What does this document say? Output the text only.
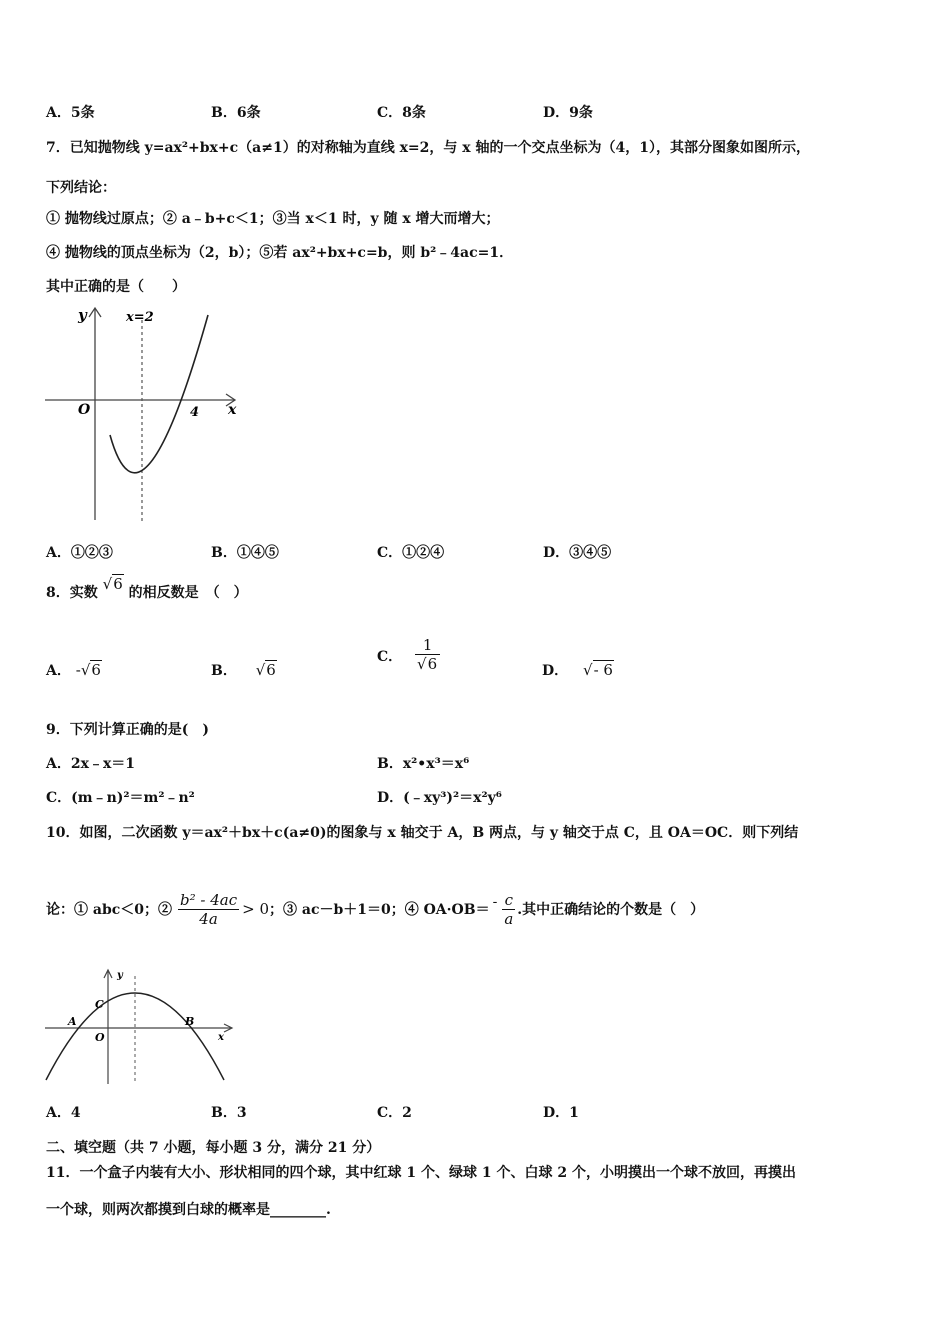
A．5条	B．6条	C．8条	D．9条
7．已知抛物线 y=ax²+bx+c（a≠1）的对称轴为直线 x=2，与 x 轴的一个交点坐标为（4，1），其部分图象如图所示，
下列结论：
① 抛物线过原点；② a﹣b+c＜1；③当 x＜1 时，y 随 x 增大而增大；
④ 抛物线的顶点坐标为（2，b）；⑤若 ax²+bx+c=b，则 b²﹣4ac=1．
其中正确的是（　　）
y	x=2
O	4 x
A．①②③	B．①④⑤	C．①②④	D．③④⑤
8．实数 √6 的相反数是　（　）
A． -√6	B． √6
C． $\frac{1}{√6}$	D． √- 6
9．下列计算正确的是(　)
A．2x﹣x＝1	B．x²•x³＝x⁶
C．(m﹣n)²＝m²﹣n²	D．(﹣xy³)²＝x²y⁶
10．如图，二次函数 y＝ax²＋bx＋c(a≠0)的图象与 x 轴交于 A，B 两点，与 y 轴交于点 C，且 OA＝OC．则下列结
论：① abc＜0；② $\frac{\text{b² - 4ac}}{4a} > 0$ ；③ ac－b＋1＝0；④ $OA\cdot OB= - \frac{c}{a}$ .其中正确结论的个数是（　）
y
C
A
O
B
x
A．4	B．3	C．2	D．1
二、填空题（共 7 小题，每小题 3 分，满分 21 分）
11．一个盒子内装有大小、形状相同的四个球，其中红球 1 个、绿球 1 个、白球 2 个，小明摸出一个球不放回，再摸出
一个球，则两次都摸到白球的概率是________.
